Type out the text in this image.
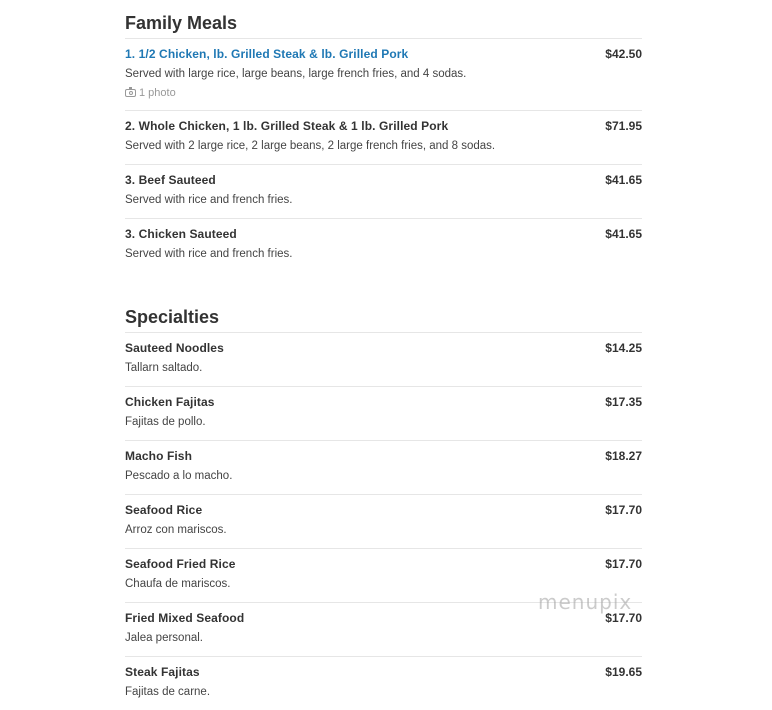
Family Meals
1. 1/2 Chicken, lb. Grilled Steak & lb. Grilled Pork	$42.50
Served with large rice, large beans, large french fries, and 4 sodas.
1 photo
2. Whole Chicken, 1 lb. Grilled Steak & 1 lb. Grilled Pork	$71.95
Served with 2 large rice, 2 large beans, 2 large french fries, and 8 sodas.
3. Beef Sauteed	$41.65
Served with rice and french fries.
3. Chicken Sauteed	$41.65
Served with rice and french fries.
Specialties
Sauteed Noodles	$14.25
Tallarn saltado.
Chicken Fajitas	$17.35
Fajitas de pollo.
Macho Fish	$18.27
Pescado a lo macho.
Seafood Rice	$17.70
Arroz con mariscos.
Seafood Fried Rice	$17.70
Chaufa de mariscos.
Fried Mixed Seafood	$17.70
Jalea personal.
Steak Fajitas	$19.65
Fajitas de carne.
menupix
